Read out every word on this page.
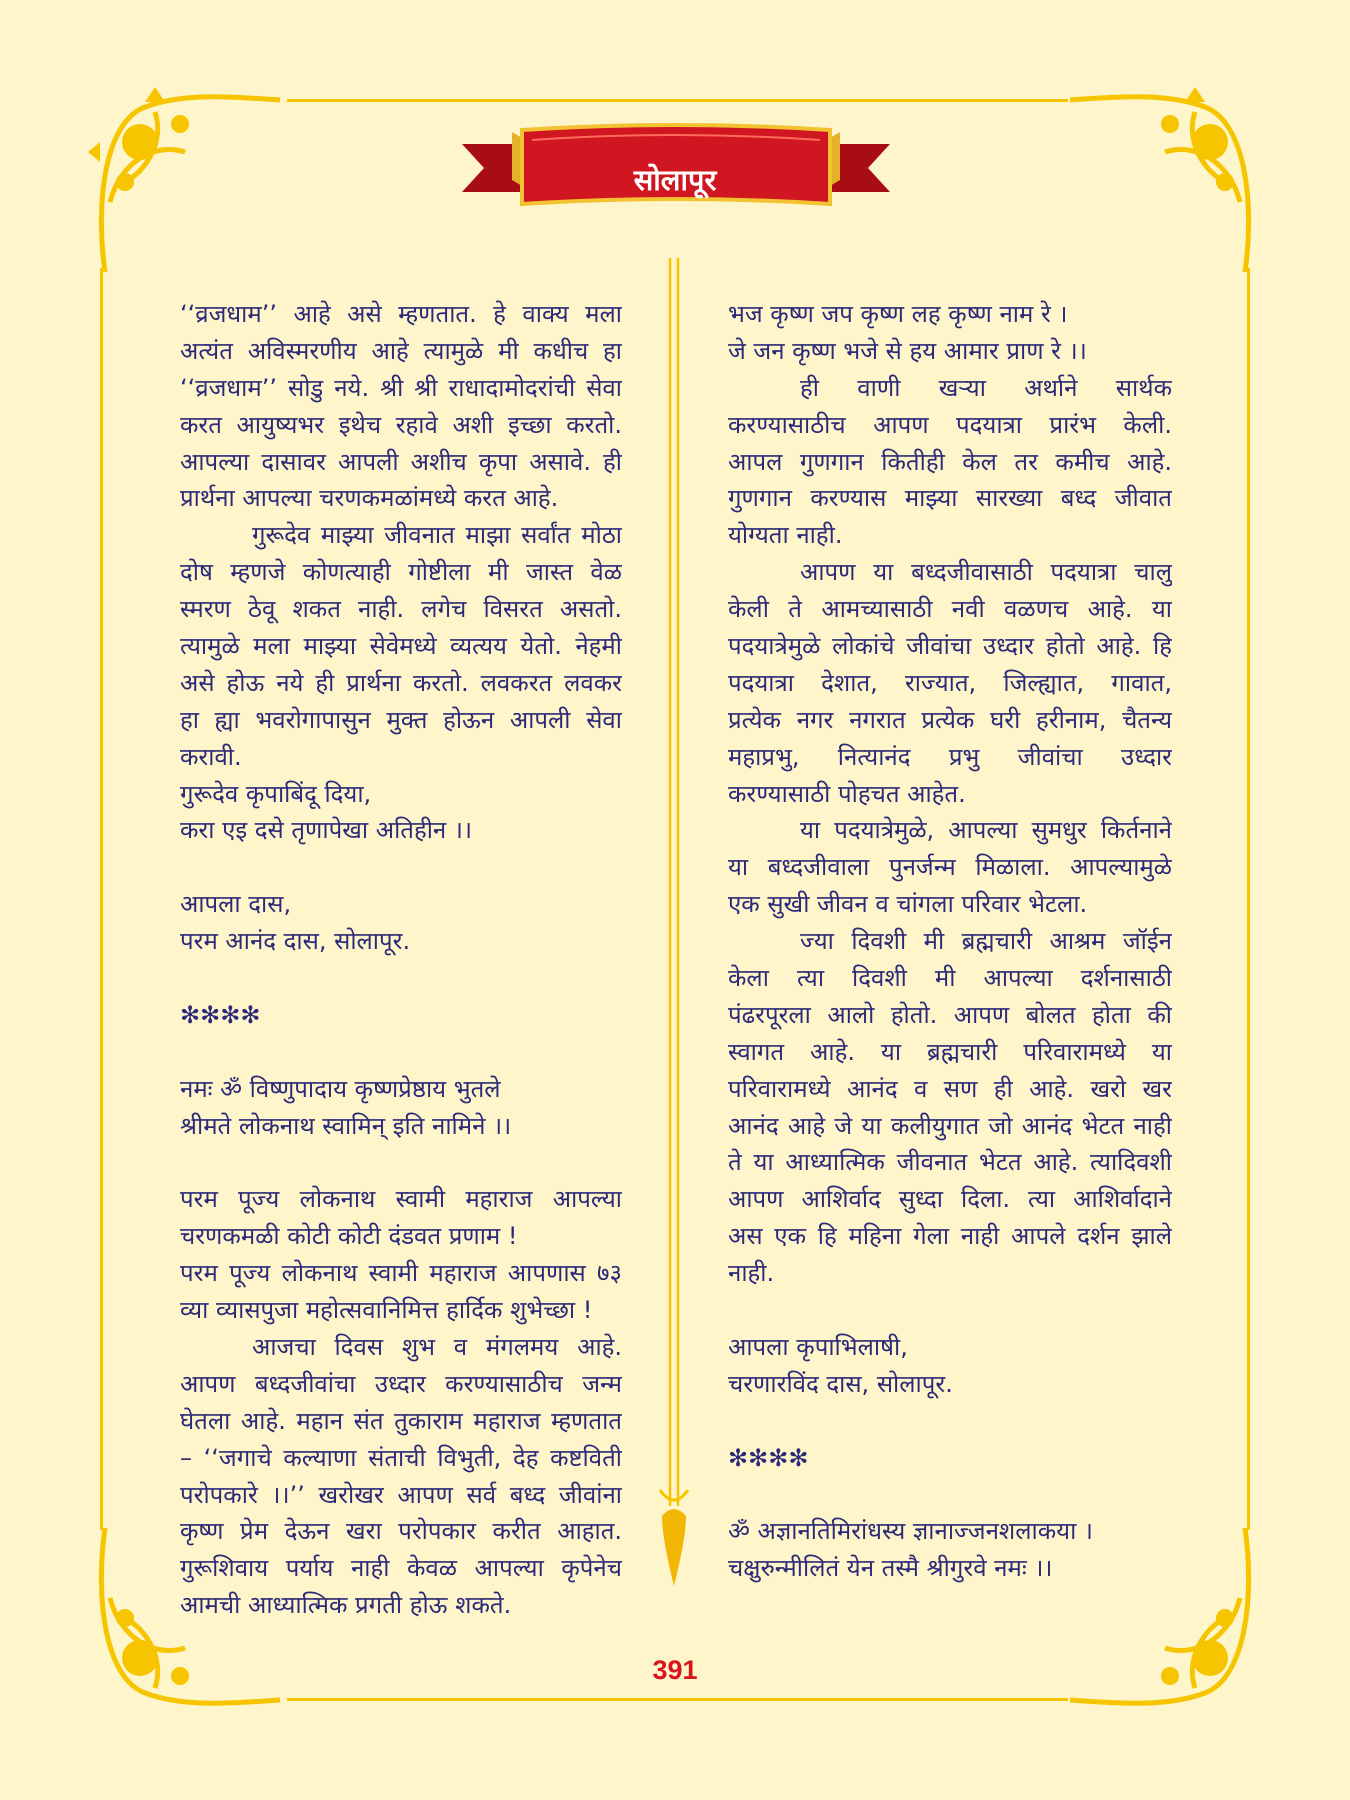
सोलापूर
‘‘व्रजधाम’’ आहे असे म्हणतात. हे वाक्य मला
अत्यंत अविस्मरणीय आहे त्यामुळे मी कधीच हा
‘‘व्रजधाम’’ सोडु नये. श्री श्री राधादामोदरांची सेवा
करत आयुष्यभर इथेच रहावे अशी इच्छा करतो.
आपल्या दासावर आपली अशीच कृपा असावे. ही
प्रार्थना आपल्या चरणकमळांमध्ये करत आहे.
गुरूदेव माझ्या जीवनात माझा सर्वांत मोठा
दोष म्हणजे कोणत्याही गोष्टीला मी जास्त वेळ
स्मरण ठेवू शकत नाही. लगेच विसरत असतो.
त्यामुळे मला माझ्या सेवेमध्ये व्यत्यय येतो. नेहमी
असे होऊ नये ही प्रार्थना करतो. लवकरत लवकर
हा ह्या भवरोगापासुन मुक्त होऊन आपली सेवा
करावी.
गुरूदेव कृपाबिंदू दिया,
करा एइ दसे तृणापेखा अतिहीन ।।
आपला दास,
परम आनंद दास, सोलापूर.
✻✻✻✻
नमः ॐ विष्णुपादाय कृष्णप्रेष्ठाय भुतले
श्रीमते लोकनाथ स्वामिन् इति नामिने ।।
परम पूज्य लोकनाथ स्वामी महाराज आपल्या
चरणकमळी कोटी कोटी दंडवत प्रणाम !
परम पूज्य लोकनाथ स्वामी महाराज आपणास ७३
व्या व्यासपुजा महोत्सवानिमित्त हार्दिक शुभेच्छा !
आजचा दिवस शुभ व मंगलमय आहे.
आपण बध्दजीवांचा उध्दार करण्यासाठीच जन्म
घेतला आहे. महान संत तुकाराम महाराज म्हणतात
– ‘‘जगाचे कल्याणा संताची विभुती, देह कष्टविती
परोपकारे ।।’’ खरोखर आपण सर्व बध्द जीवांना
कृष्ण प्रेम देऊन खरा परोपकार करीत आहात.
गुरूशिवाय पर्याय नाही केवळ आपल्या कृपेनेच
आमची आध्यात्मिक प्रगती होऊ शकते.
भज कृष्ण जप कृष्ण लह कृष्ण नाम रे ।
जे जन कृष्ण भजे से हय आमार प्राण रे ।।
ही वाणी खऱ्या अर्थाने सार्थक
करण्यासाठीच आपण पदयात्रा प्रारंभ केली.
आपल गुणगान कितीही केल तर कमीच आहे.
गुणगान करण्यास माझ्या सारख्या बध्द जीवात
योग्यता नाही.
आपण या बध्दजीवासाठी पदयात्रा चालु
केली ते आमच्यासाठी नवी वळणच आहे. या
पदयात्रेमुळे लोकांचे जीवांचा उध्दार होतो आहे. हि
पदयात्रा देशात, राज्यात, जिल्ह्यात, गावात,
प्रत्येक नगर नगरात प्रत्येक घरी हरीनाम, चैतन्य
महाप्रभु, नित्यानंद प्रभु जीवांचा उध्दार
करण्यासाठी पोहचत आहेत.
या पदयात्रेमुळे, आपल्या सुमधुर किर्तनाने
या बध्दजीवाला पुनर्जन्म मिळाला. आपल्यामुळे
एक सुखी जीवन व चांगला परिवार भेटला.
ज्या दिवशी मी ब्रह्मचारी आश्रम जॉईन
केला त्या दिवशी मी आपल्या दर्शनासाठी
पंढरपूरला आलो होतो. आपण बोलत होता की
स्वागत आहे. या ब्रह्मचारी परिवारामध्ये या
परिवारामध्ये आनंद व सण ही आहे. खरो खर
आनंद आहे जे या कलीयुगात जो आनंद भेटत नाही
ते या आध्यात्मिक जीवनात भेटत आहे. त्यादिवशी
आपण आशिर्वाद सुध्दा दिला. त्या आशिर्वादाने
अस एक हि महिना गेला नाही आपले दर्शन झाले
नाही.
आपला कृपाभिलाषी,
चरणारविंद दास, सोलापूर.
✻✻✻✻
ॐ अज्ञानतिमिरांधस्य ज्ञानाज्जनशलाकया ।
चक्षुरुन्मीलितं येन तस्मै श्रीगुरवे नमः ।।
391
